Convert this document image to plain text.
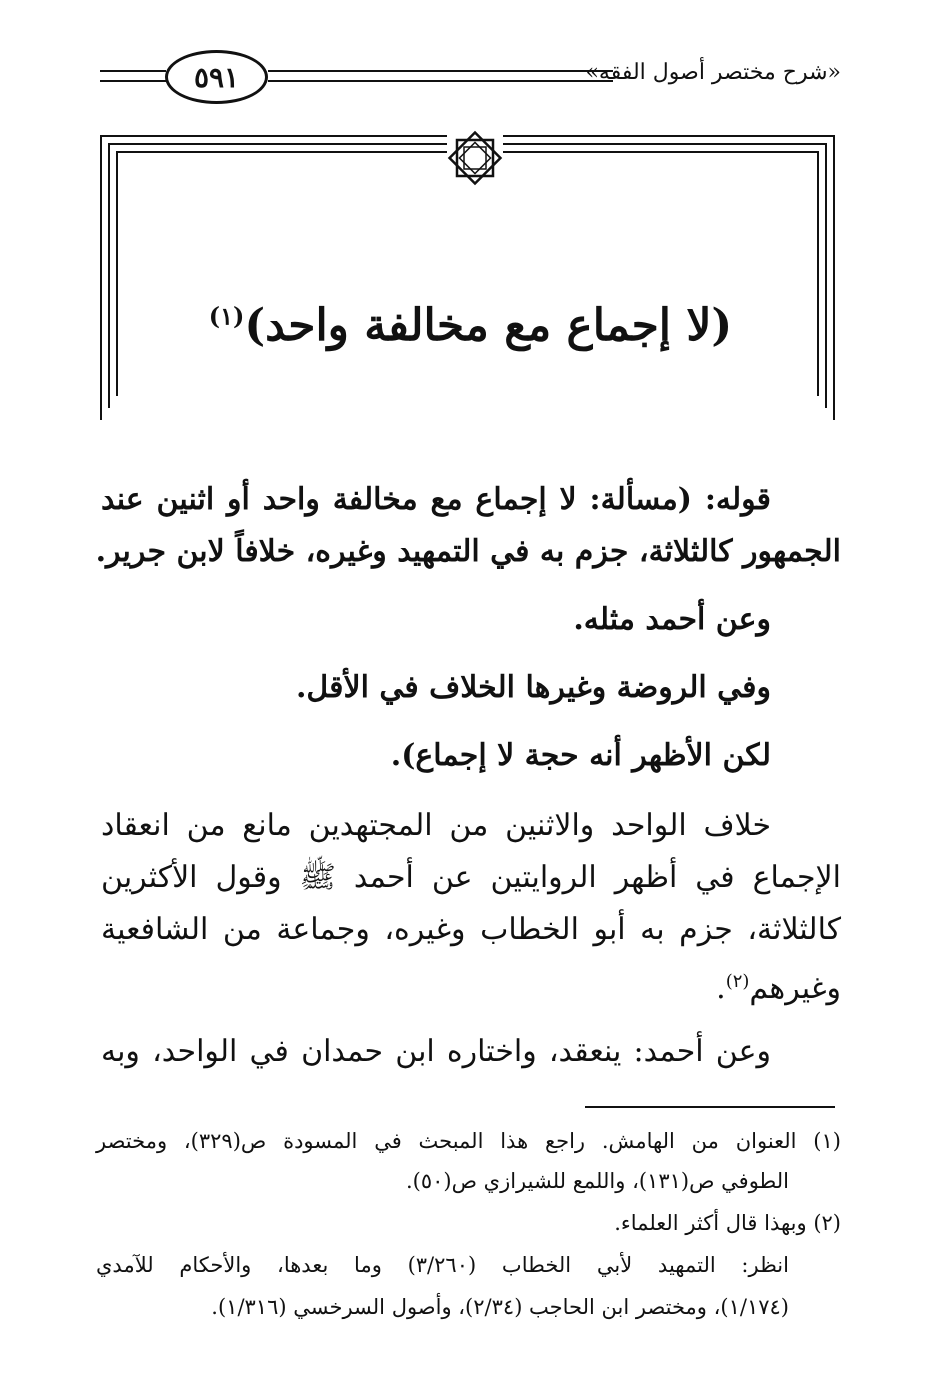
٥٩١	«شرح مختصر أصول الفقه»
(لا إجماع مع مخالفة واحد)$^{(١)}$
قوله: (مسألة: لا إجماع مع مخالفة واحد أو اثنين عند
الجمهور كالثلاثة، جزم به في التمهيد وغيره، خلافاً لابن جرير.
وعن أحمد مثله.
وفي الروضة وغيرها الخلاف في الأقل.
لكن الأظهر أنه حجة لا إجماع).
خلاف الواحد والاثنين من المجتهدين مانع من انعقاد
الإجماع في أظهر الروايتين عن أحمد ﷺ وقول الأكثرين
كالثلاثة، جزم به أبو الخطاب وغيره، وجماعة من الشافعية
وغيرهم$^{(٢)}$.
وعن أحمد: ينعقد، واختاره ابن حمدان في الواحد، وبه
(١) العنوان من الهامش. راجع هذا المبحث في المسودة ص(٣٢٩)، ومختصر
الطوفي ص(١٣١)، واللمع للشيرازي ص(٥٠).
(٢) وبهذا قال أكثر العلماء.
انظر: التمهيد لأبي الخطاب (٣/٢٦٠) وما بعدها، والأحكام للآمدي
(١/١٧٤)، ومختصر ابن الحاجب (٢/٣٤)، وأصول السرخسي (١/٣١٦).
